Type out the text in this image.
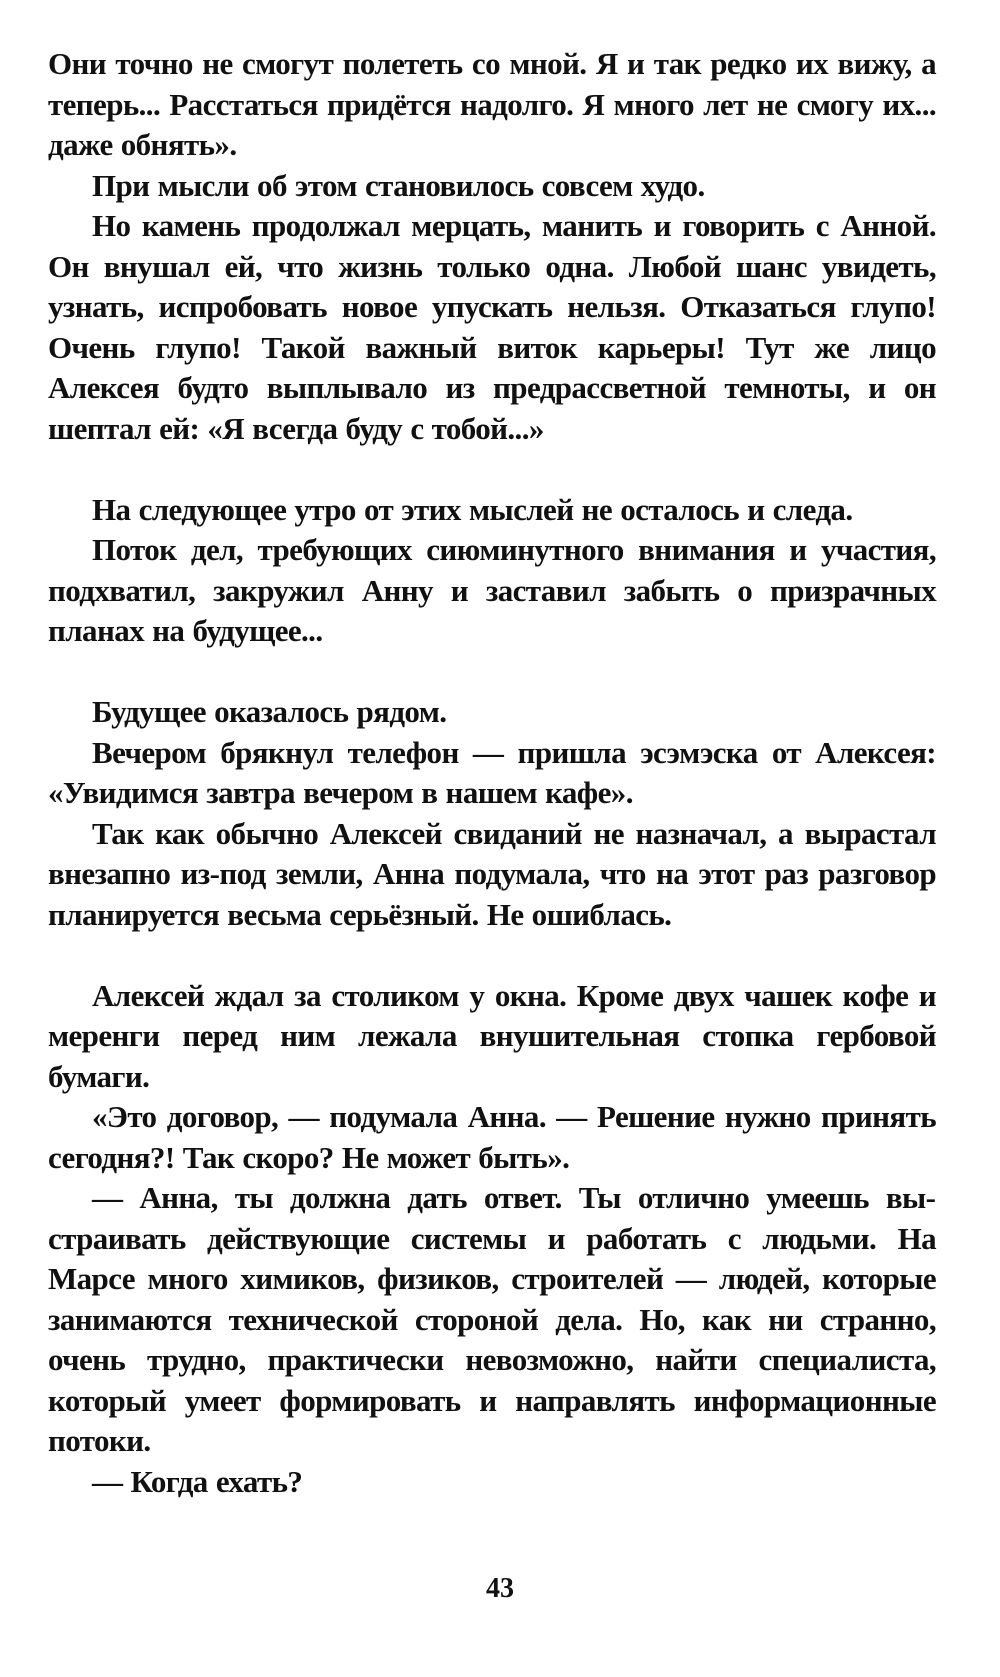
Они точно не смогут полететь со мной. Я и так редко их вижу, а теперь... Расстаться придётся надолго. Я много лет не смогу их... даже обнять».

При мысли об этом становилось совсем худо.

Но камень продолжал мерцать, манить и говорить с Анной. Он внушал ей, что жизнь только одна. Любой шанс увидеть, узнать, испробовать новое упускать нельзя. Отказаться глупо! Очень глупо! Такой важный виток карьеры! Тут же лицо Алексея будто выплывало из предрассветной темноты, и он шептал ей: «Я всегда буду с тобой...»

На следующее утро от этих мыслей не осталось и следа.

Поток дел, требующих сиюминутного внимания и участия, подхватил, закружил Анну и заставил забыть о призрачных планах на будущее...

Будущее оказалось рядом.

Вечером брякнул телефон — пришла эсэмэска от Алексея: «Увидимся завтра вечером в нашем кафе».

Так как обычно Алексей свиданий не назначал, а вырастал внезапно из-под земли, Анна подумала, что на этот раз разговор планируется весьма серьёзный. Не ошиблась.

Алексей ждал за столиком у окна. Кроме двух чашек кофе и меренги перед ним лежала внушительная стопка гербовой бумаги.

«Это договор, — подумала Анна. — Решение нужно принять сегодня?! Так скоро? Не может быть».

— Анна, ты должна дать ответ. Ты отлично умеешь выстраивать действующие системы и работать с людьми. На Марсе много химиков, физиков, строителей — людей, которые занимаются технической стороной дела. Но, как ни странно, очень трудно, практически невозможно, найти специалиста, который умеет формировать и направлять информационные потоки.

— Когда ехать?

43
